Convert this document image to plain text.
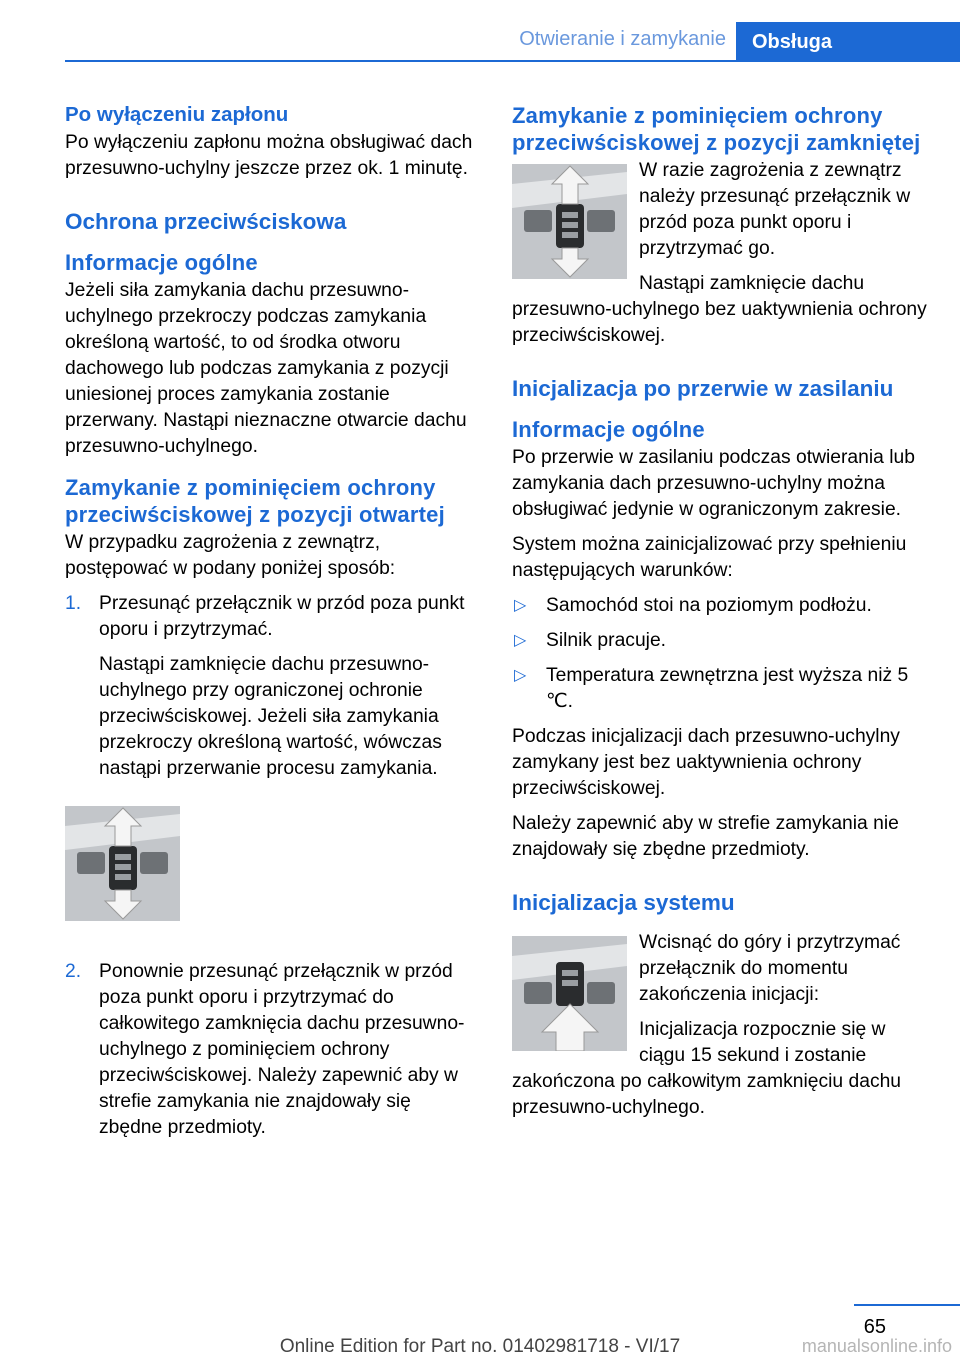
Otwieranie i zamykanie	Obsługa
Po wyłączeniu zapłonu

Po wyłączeniu zapłonu można obsługiwać dach przesuwno-uchylny jeszcze przez ok. 1 minutę.

Ochrona przeciwściskowa
Informacje ogólne

Jeżeli siła zamykania dachu przesuwno-uchylnego przekroczy podczas zamykania określoną wartość, to od środka otworu dachowego lub podczas zamykania z pozycji uniesionej proces zamykania zostanie przerwany. Nastąpi nieznaczne otwarcie dachu przesuwno-uchylnego.

Zamykanie z pominięciem ochrony przeciwściskowej z pozycji otwartej

W przypadku zagrożenia z zewnątrz, postępować w podany poniżej sposób:

1. Przesunąć przełącznik w przód poza punkt oporu i przytrzymać.

Nastąpi zamknięcie dachu przesuwno-uchylnego przy ograniczonej ochronie przeciwściskowej. Jeżeli siła zamykania przekroczy określoną wartość, wówczas nastąpi przerwanie procesu zamykania.

2. Ponownie przesunąć przełącznik w przód poza punkt oporu i przytrzymać do całkowitego zamknięcia dachu przesuwno-uchylnego z pominięciem ochrony przeciwściskowej. Należy zapewnić aby w strefie zamykania nie znajdowały się zbędne przedmioty.

Zamykanie z pominięciem ochrony przeciwściskowej z pozycji zamkniętej

W razie zagrożenia z zewnątrz należy przesunąć przełącznik w przód poza punkt oporu i przytrzymać go.

Nastąpi zamknięcie dachu przesuwno-uchylnego bez uaktywnienia ochrony przeciwściskowej.

Inicjalizacja po przerwie w zasilaniu
Informacje ogólne

Po przerwie w zasilaniu podczas otwierania lub zamykania dach przesuwno-uchylny można obsługiwać jedynie w ograniczonym zakresie.

System można zainicjalizować przy spełnieniu następujących warunków:

▷ Samochód stoi na poziomym podłożu.

▷ Silnik pracuje.

▷ Temperatura zewnętrzna jest wyższa niż 5 ℃.

Podczas inicjalizacji dach przesuwno-uchylny zamykany jest bez uaktywnienia ochrony przeciwściskowej.

Należy zapewnić aby w strefie zamykania nie znajdowały się zbędne przedmioty.

Inicjalizacja systemu

Wcisnąć do góry i przytrzymać przełącznik do momentu zakończenia inicjacji:

Inicjalizacja rozpocznie się w ciągu 15 sekund i zostanie zakończona po całkowitym zamknięciu dachu przesuwno-uchylnego.

65
Online Edition for Part no. 01402981718 - VI/17	manualsonline.info
